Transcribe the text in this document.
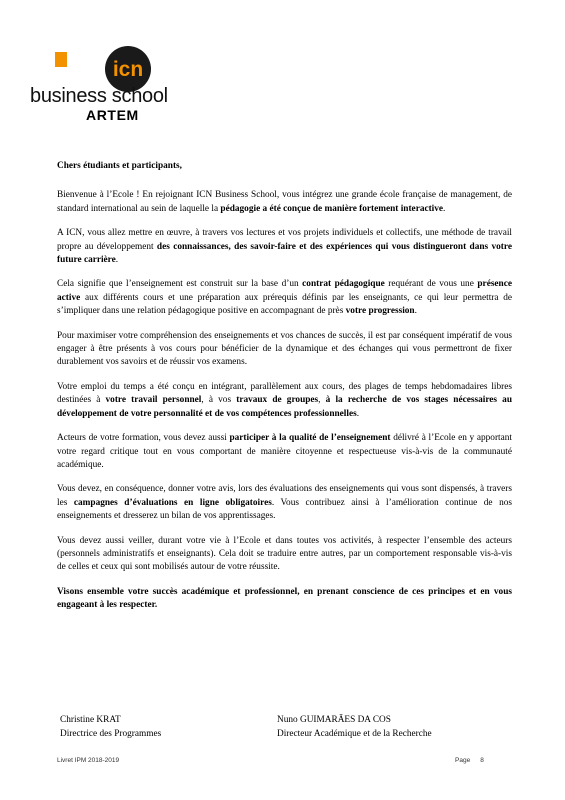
icn
business school
ARTEM

Chers étudiants et participants,

Bienvenue à l’Ecole ! En rejoignant ICN Business School, vous intégrez une grande école française de management, de standard international au sein de laquelle la pédagogie a été conçue de manière fortement interactive.

A ICN, vous allez mettre en œuvre, à travers vos lectures et vos projets individuels et collectifs, une méthode de travail propre au développement des connaissances, des savoir-faire et des expériences qui vous distingueront dans votre future carrière.

Cela signifie que l’enseignement est construit sur la base d’un contrat pédagogique requérant de vous une présence active aux différents cours et une préparation aux prérequis définis par les enseignants, ce qui leur permettra de s’impliquer dans une relation pédagogique positive en accompagnant de près votre progression.

Pour maximiser votre compréhension des enseignements et vos chances de succès, il est par conséquent impératif de vous engager à être présents à vos cours pour bénéficier de la dynamique et des échanges qui vous permettront de fixer durablement vos savoirs et de réussir vos examens.

Votre emploi du temps a été conçu en intégrant, parallèlement aux cours, des plages de temps hebdomadaires libres destinées à votre travail personnel, à vos travaux de groupes, à la recherche de vos stages nécessaires au développement de votre personnalité et de vos compétences professionnelles.

Acteurs de votre formation, vous devez aussi participer à la qualité de l’enseignement délivré à l’Ecole en y apportant votre regard critique tout en vous comportant de manière citoyenne et respectueuse vis-à-vis de la communauté académique.

Vous devez, en conséquence, donner votre avis, lors des évaluations des enseignements qui vous sont dispensés, à travers les campagnes d’évaluations en ligne obligatoires. Vous contribuez ainsi à l’amélioration continue de nos enseignements et dresserez un bilan de vos apprentissages.

Vous devez aussi veiller, durant votre vie à l’Ecole et dans toutes vos activités, à respecter l’ensemble des acteurs (personnels administratifs et enseignants). Cela doit se traduire entre autres, par un comportement responsable vis-à-vis de celles et ceux qui sont mobilisés autour de votre réussite.

Visons ensemble votre succès académique et professionnel, en prenant conscience de ces principes et en vous engageant à les respecter.

Christine KRAT
Directrice des Programmes
Nuno GUIMARÃES DA COS
Directeur Académique et de la Recherche
Livret IPM 2018-2019	Page 8
